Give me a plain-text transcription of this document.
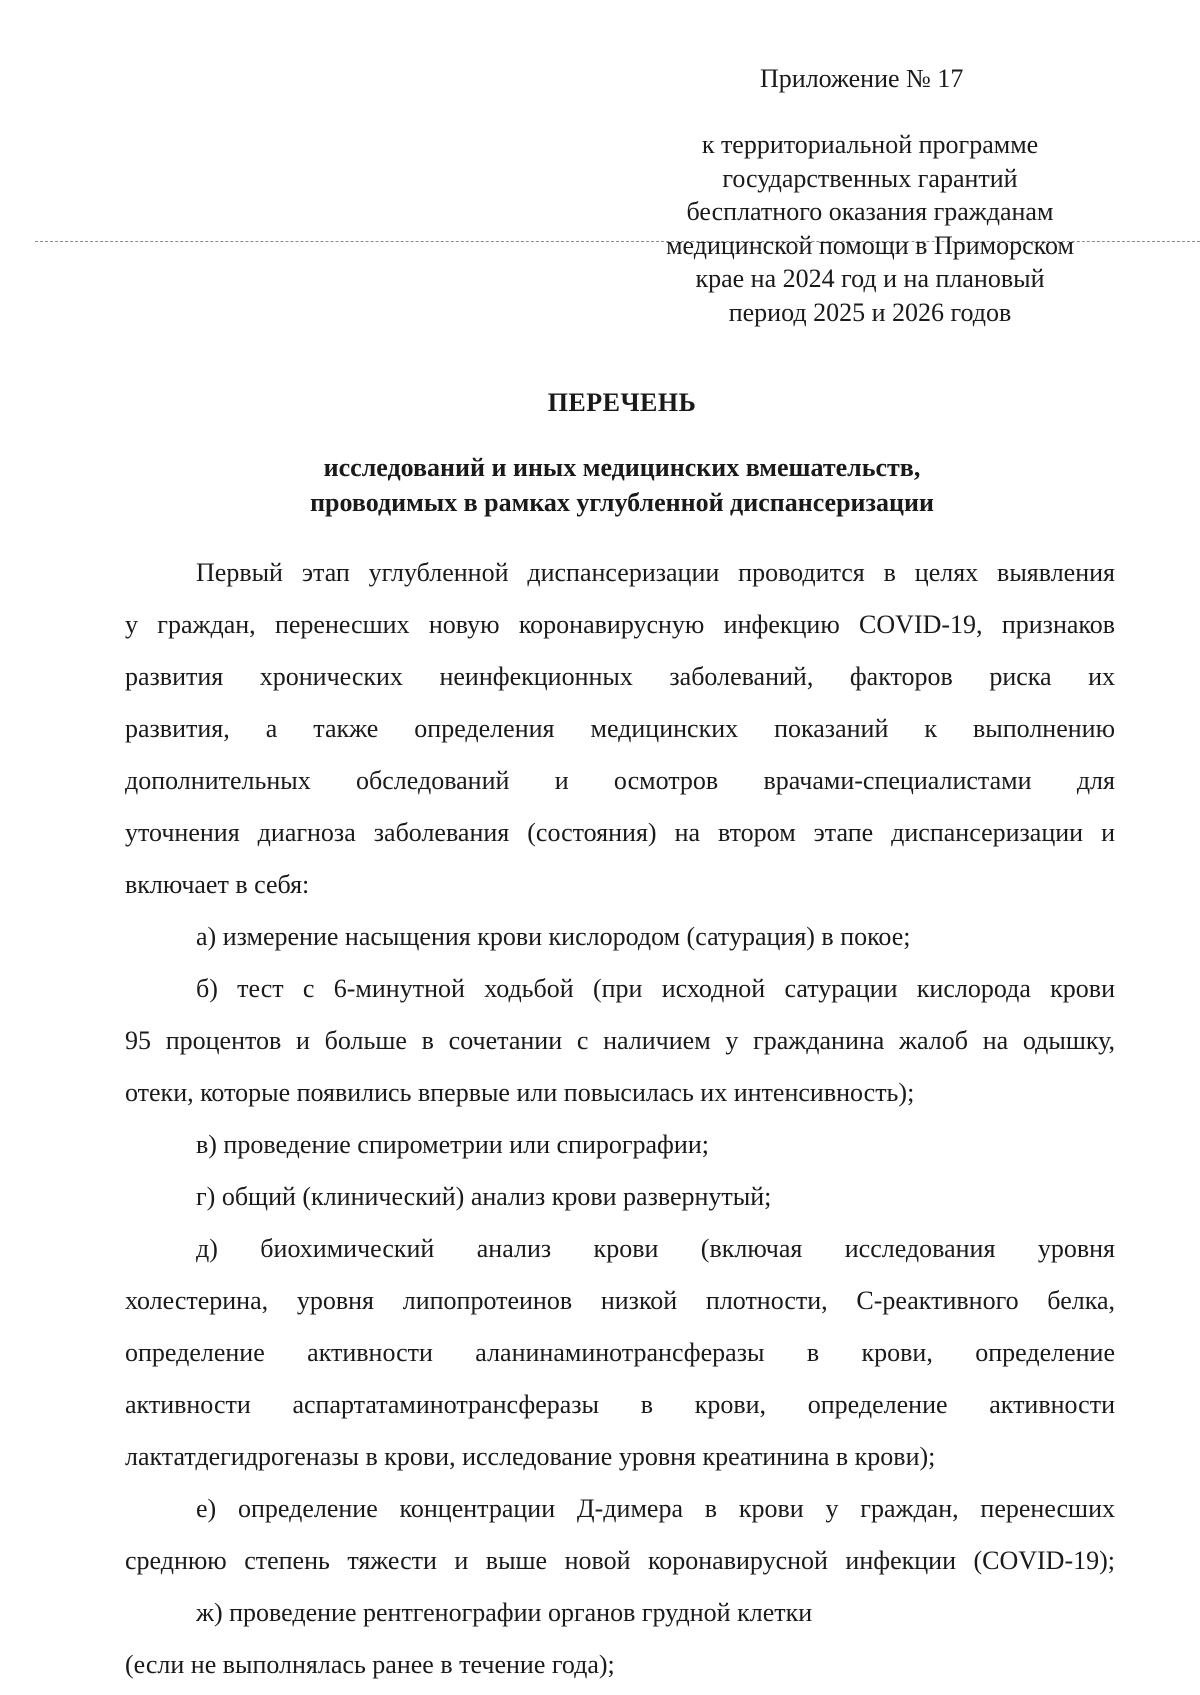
Приложение № 17
к территориальной программе
государственных гарантий
бесплатного оказания гражданам
медицинской помощи в Приморском
крае на 2024 год и на плановый
период 2025 и 2026 годов
ПЕРЕЧЕНЬ
исследований и иных медицинских вмешательств,
проводимых в рамках углубленной диспансеризации
Первый этап углубленной диспансеризации проводится в целях выявления
у граждан, перенесших новую коронавирусную инфекцию COVID-19, признаков
развития хронических неинфекционных заболеваний, факторов риска их
развития, а также определения медицинских показаний к выполнению
дополнительных обследований и осмотров врачами-специалистами для
уточнения диагноза заболевания (состояния) на втором этапе диспансеризации и
включает в себя:
а) измерение насыщения крови кислородом (сатурация) в покое;
б) тест с 6-минутной ходьбой (при исходной сатурации кислорода крови
95 процентов и больше в сочетании с наличием у гражданина жалоб на одышку,
отеки, которые появились впервые или повысилась их интенсивность);
в) проведение спирометрии или спирографии;
г) общий (клинический) анализ крови развернутый;
д) биохимический анализ крови (включая исследования уровня
холестерина, уровня липопротеинов низкой плотности, С-реактивного белка,
определение активности аланинаминотрансферазы в крови, определение
активности аспартатаминотрансферазы в крови, определение активности
лактатдегидрогеназы в крови, исследование уровня креатинина в крови);
е) определение концентрации Д-димера в крови у граждан, перенесших
среднюю степень тяжести и выше новой коронавирусной инфекции (COVID-19);
ж) проведение рентгенографии органов грудной клетки
(если не выполнялась ранее в течение года);
